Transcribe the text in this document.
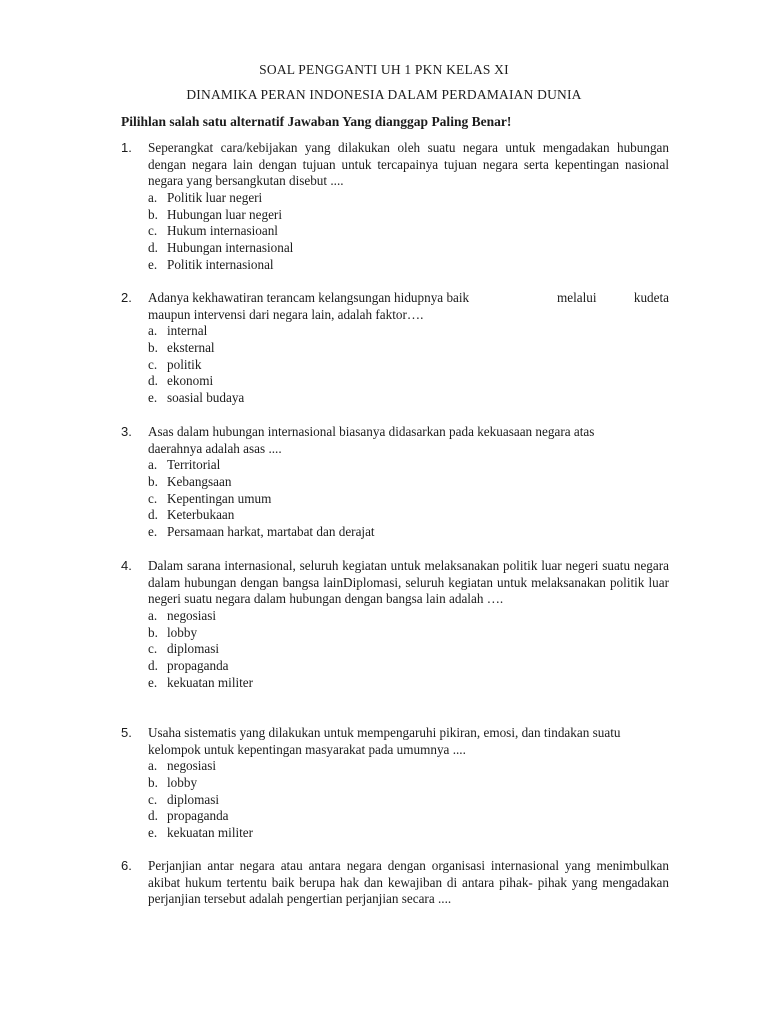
SOAL PENGGANTI UH 1 PKN KELAS XI
DINAMIKA PERAN INDONESIA DALAM PERDAMAIAN DUNIA
Pilihlan salah satu alternatif Jawaban Yang dianggap Paling Benar!
1. Seperangkat cara/kebijakan yang dilakukan oleh suatu negara untuk mengadakan hubungan dengan negara lain dengan tujuan untuk tercapainya tujuan negara serta kepentingan nasional negara yang bersangkutan disebut ....
a. Politik luar negeri
b. Hubungan luar negeri
c. Hukum internasioanl
d. Hubungan internasional
e. Politik internasional
2. Adanya kekhawatiran terancam kelangsungan hidupnya baik	melalui	kudeta
maupun intervensi dari negara lain, adalah faktor….
a. internal
b. eksternal
c. politik
d. ekonomi
e. soasial budaya
3. Asas dalam hubungan internasional biasanya didasarkan pada kekuasaan negara atas daerahnya adalah asas ....
a. Territorial
b. Kebangsaan
c. Kepentingan umum
d. Keterbukaan
e. Persamaan harkat, martabat dan derajat
4. Dalam sarana internasional, seluruh kegiatan untuk melaksanakan politik luar negeri suatu negara dalam hubungan dengan bangsa lainDiplomasi, seluruh kegiatan untuk melaksanakan politik luar negeri suatu negara dalam hubungan dengan bangsa lain adalah ….
a. negosiasi
b. lobby
c. diplomasi
d. propaganda
e. kekuatan militer
5. Usaha sistematis yang dilakukan untuk mempengaruhi pikiran, emosi, dan tindakan suatu kelompok untuk kepentingan masyarakat pada umumnya ....
a. negosiasi
b. lobby
c. diplomasi
d. propaganda
e. kekuatan militer
6. Perjanjian antar negara atau antara negara dengan organisasi internasional yang menimbulkan akibat hukum tertentu baik berupa hak dan kewajiban di antara pihak- pihak yang mengadakan perjanjian tersebut adalah pengertian perjanjian secara ....
